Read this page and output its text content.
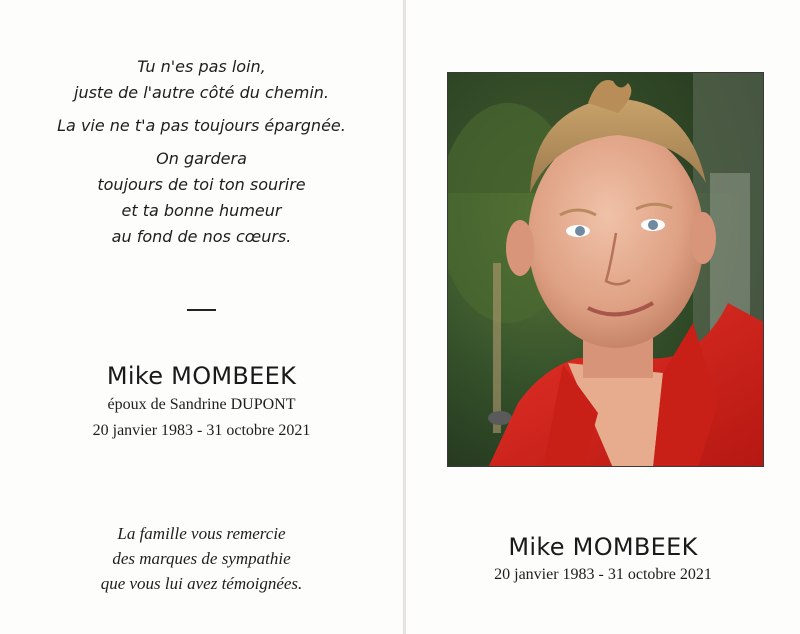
Tu n'es pas loin,
juste de l'autre côté du chemin.

La vie ne t'a pas toujours épargnée.

On gardera
toujours de toi ton sourire
et ta bonne humeur
au fond de nos cœurs.

Mike MOMBEEK
époux de Sandrine DUPONT
20 janvier 1983 - 31 octobre 2021

La famille vous remercie
des marques de sympathie
que vous lui avez témoignées.

Mike MOMBEEK
20 janvier 1983 - 31 octobre 2021
